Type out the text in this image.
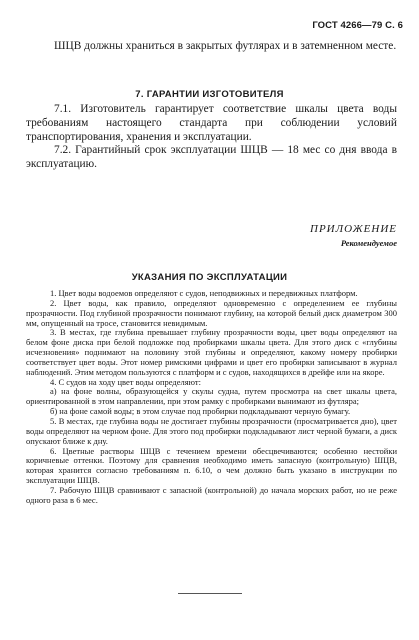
ГОСТ 4266—79 С. 6

ШЦВ должны храниться в закрытых футлярах и в затемненном месте.

7. ГАРАНТИИ ИЗГОТОВИТЕЛЯ

7.1. Изготовитель гарантирует соответствие шкалы цвета воды требованиям настоящего стандарта при соблюдении условий транспортирования, хранения и эксплуатации.

7.2. Гарантийный срок эксплуатации ШЦВ — 18 мес со дня ввода в эксплуатацию.

ПРИЛОЖЕНИЕ
Рекомендуемое
УКАЗАНИЯ ПО ЭКСПЛУАТАЦИИ

1. Цвет воды водоемов определяют с судов, неподвижных и передвижных платформ.

2. Цвет воды, как правило, определяют одновременно с определением ее глубины прозрачности. Под глубиной прозрачности понимают глубину, на которой белый диск диаметром 300 мм, опущенный на тросе, становится невидимым.

3. В местах, где глубина превышает глубину прозрачности воды, цвет воды определяют на белом фоне диска при белой подложке под пробирками шкалы цвета. Для этого диск с «глубины исчезновения» поднимают на половину этой глубины и определяют, какому номеру пробирки соответствует цвет воды. Этот номер римскими цифрами и цвет его пробирки записывают в журнал наблюдений. Этим методом пользуются с платформ и с судов, находящихся в дрейфе или на якоре.

4. С судов на ходу цвет воды определяют:

а) на фоне волны, образующейся у скулы судна, путем просмотра на свет шкалы цвета, ориентированной в этом направлении, при этом рамку с пробирками вынимают из футляра;

б) на фоне самой воды; в этом случае под пробирки подкладывают черную бумагу.

5. В местах, где глубина воды не достигает глубины прозрачности (просматривается дно), цвет воды определяют на черном фоне. Для этого под пробирки подкладывают лист черной бумаги, а диск опускают ближе к дну.

6. Цветные растворы ШЦВ с течением времени обесцвечиваются; особенно нестойки коричневые оттенки. Поэтому для сравнения необходимо иметь запасную (контрольную) ШЦВ, которая хранится согласно требованиям п. 6.10, о чем должно быть указано в инструкции по эксплуатации ШЦВ.

7. Рабочую ШЦВ сравнивают с запасной (контрольной) до начала морских работ, но не реже одного раза в 6 мес.
